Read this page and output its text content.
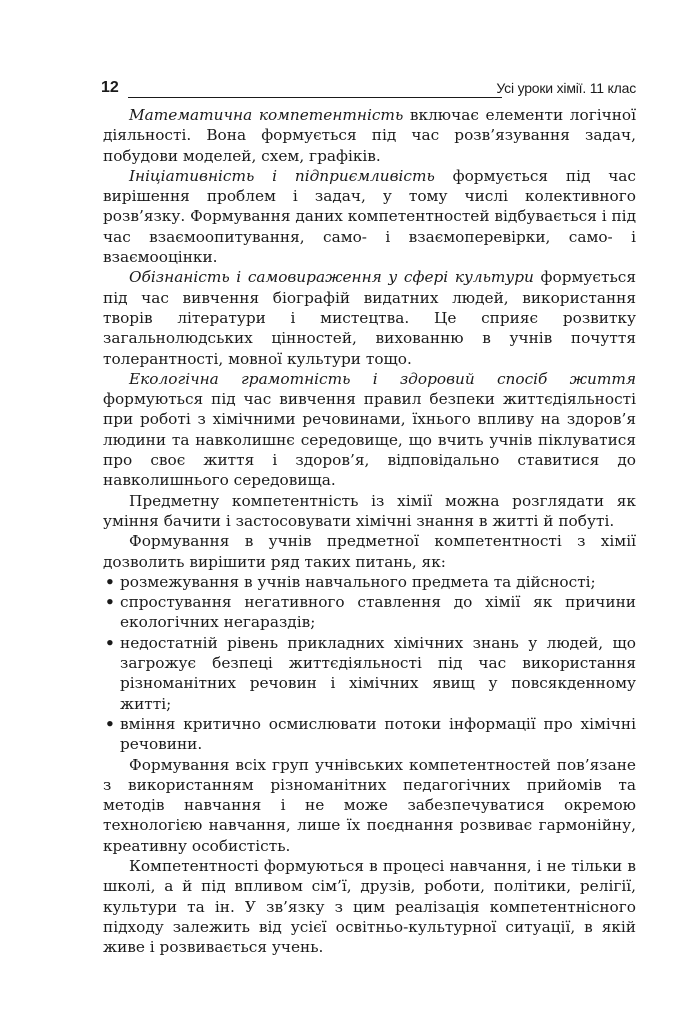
12	Усі уроки хімії. 11 клас

Математична компетентність включає елементи логічної діяльності. Вона формується під час розв’язування задач, побудови моделей, схем, графіків.

Ініціативність і підприємливість формується під час вирішення проблем і задач, у тому числі колективного розв’язку. Формування даних компетентностей відбувається і під час взаємоопитування, само- і взаємоперевірки, само- і взаємооцінки.

Обізнаність і самовираження у сфері культури формується під час вивчення біографій видатних людей, використання творів літератури і мистецтва. Це сприяє розвитку загальнолюдських цінностей, вихованню в учнів почуття толерантності, мовної культури тощо.

Екологічна грамотність і здоровий спосіб життя формуються під час вивчення правил безпеки життєдіяльності при роботі з хімічними речовинами, їхнього впливу на здоров’я людини та навколишнє середовище, що вчить учнів піклуватися про своє життя і здоров’я, відповідально ставитися до навколишнього середовища.

Предметну компетентність із хімії можна розглядати як уміння бачити і застосовувати хімічні знання в житті й побуті.

Формування в учнів предметної компетентності з хімії дозволить вирішити ряд таких питань, як:

• розмежування в учнів навчального предмета та дійсності;
• спростування негативного ставлення до хімії як причини екологічних негараздів;
• недостатній рівень прикладних хімічних знань у людей, що загрожує безпеці життєдіяльності під час використання різноманітних речовин і хімічних явищ у повсякденному житті;
• вміння критично осмислювати потоки інформації про хімічні речовини.

Формування всіх груп учнівських компетентностей пов’язане з використанням різноманітних педагогічних прийомів та методів навчання і не може забезпечуватися окремою технологією навчання, лише їх поєднання розвиває гармонійну, креативну особистість.

Компетентності формуються в процесі навчання, і не тільки в школі, а й під впливом сім’ї, друзів, роботи, політики, релігії, культури та ін. У зв’язку з цим реалізація компетентнісного підходу залежить від усієї освітньо-культурної ситуації, в якій живе і розвивається учень.
